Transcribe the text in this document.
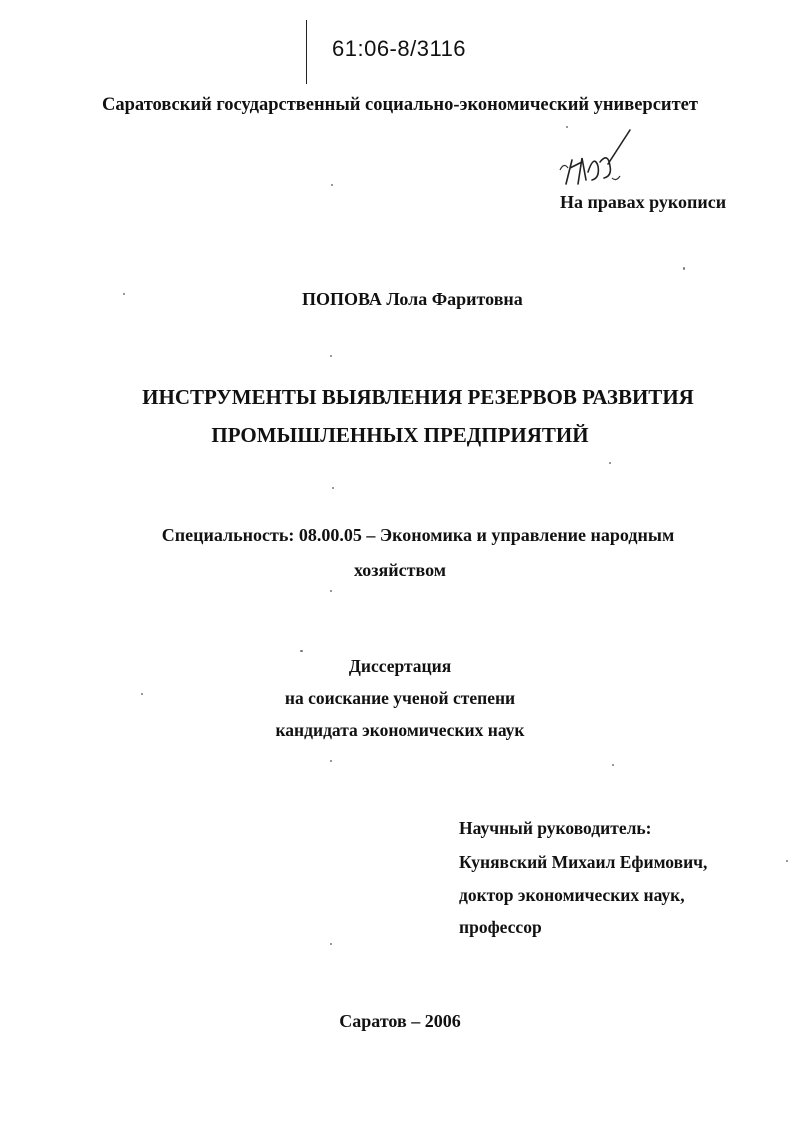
61:06-8/3116
Саратовский государственный социально-экономический университет
На правах рукописи
ПОПОВА Лола Фаритовна
ИНСТРУМЕНТЫ ВЫЯВЛЕНИЯ РЕЗЕРВОВ РАЗВИТИЯ
ПРОМЫШЛЕННЫХ ПРЕДПРИЯТИЙ
Специальность: 08.00.05 – Экономика и управление народным
хозяйством
Диссертация
на соискание ученой степени
кандидата экономических наук
Научный руководитель:
Кунявский Михаил Ефимович,
доктор экономических наук,
профессор
Саратов – 2006
